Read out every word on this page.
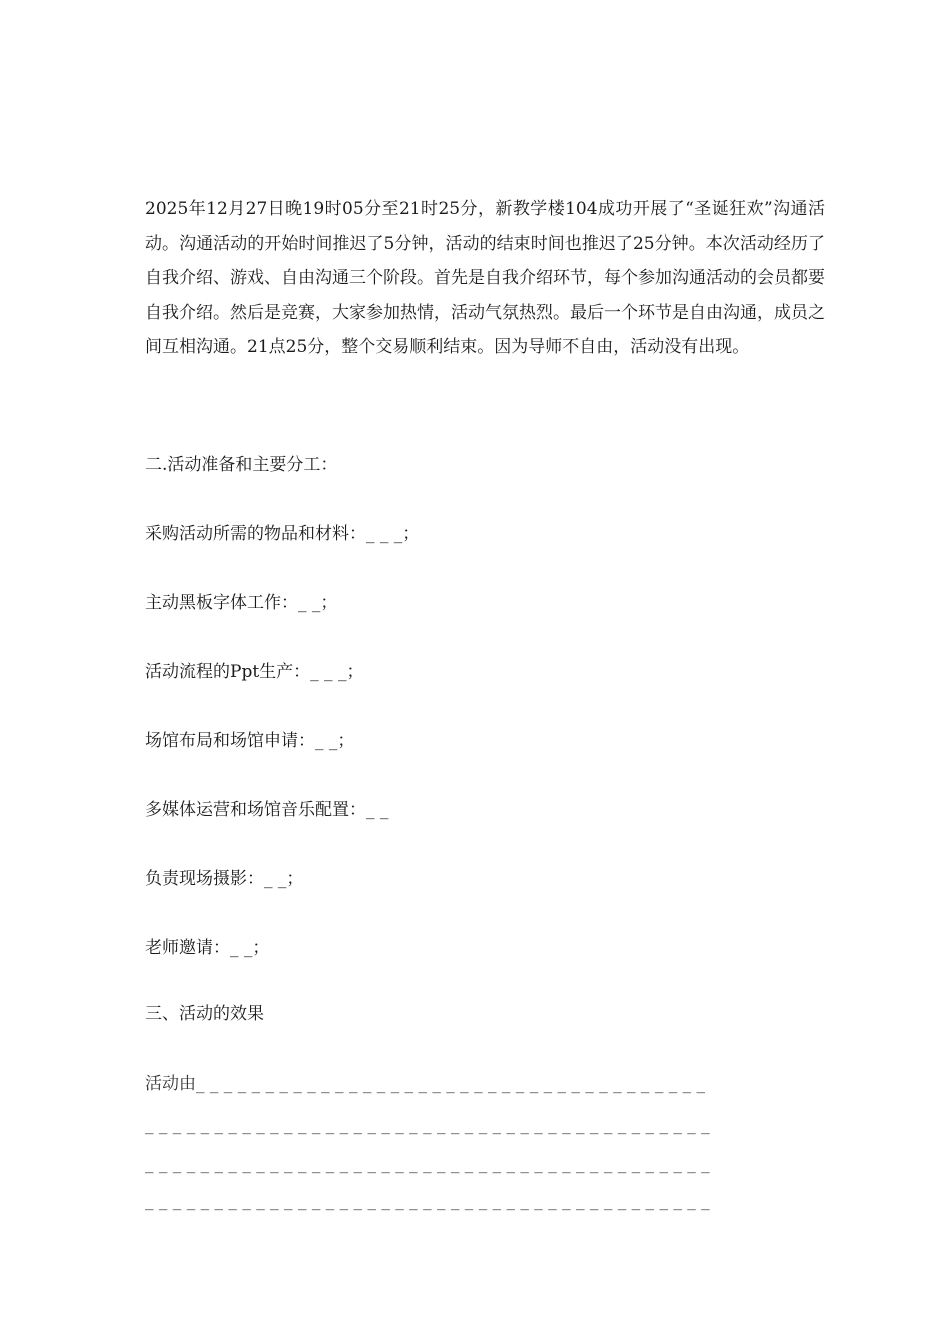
2025年12月27日晚19时05分至21时25分，新教学楼104成功开展了“圣诞狂欢”沟通活动。沟通活动的开始时间推迟了5分钟，活动的结束时间也推迟了25分钟。本次活动经历了自我介绍、游戏、自由沟通三个阶段。首先是自我介绍环节，每个参加沟通活动的会员都要自我介绍。然后是竞赛，大家参加热情，活动气氛热烈。最后一个环节是自由沟通，成员之间互相沟通。21点25分，整个交易顺利结束。因为导师不自由，活动没有出现。

二.活动准备和主要分工：

采购活动所需的物品和材料：_ _ _；

主动黑板字体工作：_ _；

活动流程的Ppt生产：_ _ _；

场馆布局和场馆申请：_ _；

多媒体运营和场馆音乐配置：_ _

负责现场摄影：_ _；

老师邀请：_ _；

三、活动的效果

活动由_ _ _ _ _ _ _ _ _ _ _ _ _ _ _ _ _ _ _ _ _ _ _ _ _ _ _ _ _ _ _ _ _ _ _ _ _

_ _ _ _ _ _ _ _ _ _ _ _ _ _ _ _ _ _ _ _ _ _ _ _ _ _ _ _ _ _ _ _ _ _ _ _ _ _ _ _ _

_ _ _ _ _ _ _ _ _ _ _ _ _ _ _ _ _ _ _ _ _ _ _ _ _ _ _ _ _ _ _ _ _ _ _ _ _ _ _ _ _

_ _ _ _ _ _ _ _ _ _ _ _ _ _ _ _ _ _ _ _ _ _ _ _ _ _ _ _ _ _ _ _ _ _ _ _ _ _ _ _ _
